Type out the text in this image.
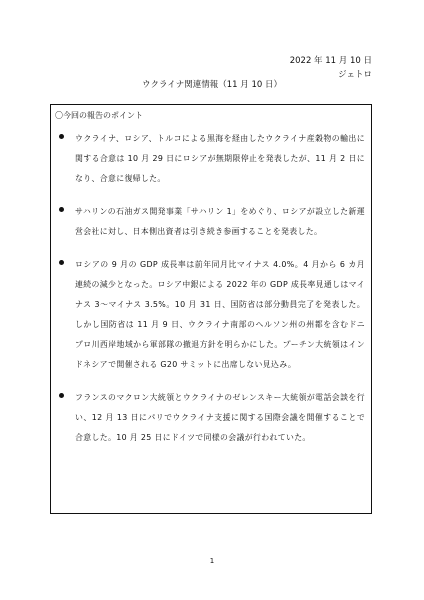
2022 年 11 月 10 日
ジェトロ
ウクライナ関連情報（11 月 10 日）
〇今回の報告のポイント
ウクライナ、ロシア、トルコによる黒海を経由したウクライナ産穀物の輸出に関する合意は 10 月 29 日にロシアが無期限停止を発表したが、11 月 2 日になり、合意に復帰した。
サハリンの石油ガス開発事業「サハリン 1」をめぐり、ロシアが設立した新運営会社に対し、日本側出資者は引き続き参画することを発表した。
ロシアの 9 月の GDP 成長率は前年同月比マイナス 4.0%。4 月から 6 カ月連続の減少となった。ロシア中銀による 2022 年の GDP 成長率見通しはマイナス 3～マイナス 3.5%。10 月 31 日、国防省は部分動員完了を発表した。しかし国防省は 11 月 9 日、ウクライナ南部のヘルソン州の州都を含むドニプロ川西岸地域から軍部隊の撤退方針を明らかにした。プーチン大統領はインドネシアで開催される G20 サミットに出席しない見込み。
フランスのマクロン大統領とウクライナのゼレンスキー大統領が電話会談を行い、12 月 13 日にパリでウクライナ支援に関する国際会議を開催することで合意した。10 月 25 日にドイツで同様の会議が行われていた。
1
